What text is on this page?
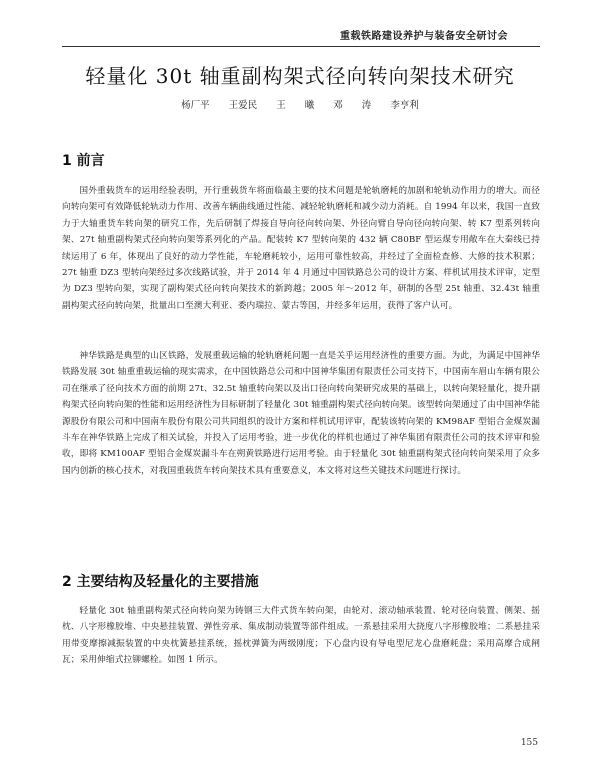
重载铁路建设养护与装备安全研讨会
轻量化 30t 轴重副构架式径向转向架技术研究
杨厂平 王爱民 王 曦 邓 涛 李亨利
1 前言

国外重载货车的运用经验表明，开行重载货车将面临最主要的技术问题是轮轨磨耗的加剧和轮轨动作用力的增大。而径向转向架可有效降低轮轨动力作用、改善车辆曲线通过性能、减轻轮轨磨耗和减少动力消耗。自 1994 年以来，我国一直致力于大轴重货车转向架的研究工作，先后研制了焊接自导向径向转向架、外径向臂自导向径向转向架、转 K7 型系列转向架、27t 轴重副构架式径向转向架等系列化的产品。配装转 K7 型转向架的 432 辆 C80BF 型运煤专用敞车在大秦线已持续运用了 6 年，体现出了良好的动力学性能，车轮磨耗较小，运用可靠性较高，并经过了全面检查修、大修的技术积累； 27t 轴重 DZ3 型转向架经过多次线路试验，并于 2014 年 4 月通过中国铁路总公司的设计方案、样机试用技术评审，定型为 DZ3 型转向架，实现了副构架式径向转向架技术的新跨越；2005 年～2012 年，研制的各型 25t 轴重、32.43t 轴重副构架式径向转向架，批量出口至澳大利亚、委内瑞拉、蒙古等国，并经多年运用，获得了客户认可。

神华铁路是典型的山区铁路，发展重载运输的轮轨磨耗问题一直是关乎运用经济性的重要方面。为此，为满足中国神华铁路发展 30t 轴重重载运输的现实需求，在中国铁路总公司和中国神华集团有限责任公司支持下，中国南车眉山车辆有限公司在继承了径向技术方面的前期 27t、32.5t 轴重转向架以及出口径向转向架研究成果的基础上，以转向架轻量化，提升副构架式径向转向架的性能和运用经济性为目标研制了轻量化 30t 轴重副构架式径向转向架。该型转向架通过了由中国神华能源股份有限公司和中国南车股份有限公司共同组织的设计方案和样机试用评审，配装该转向架的 KM98AF 型铝合金煤炭漏斗车在神华铁路上完成了相关试验，并投入了运用考验，进一步优化的样机也通过了神华集团有限责任公司的技术评审和验收，即将 KM100AF 型铝合金煤炭漏斗车在朔黄铁路进行运用考验。由于轻量化 30t 轴重副构架式径向转向架采用了众多国内创新的核心技术，对我国重载货车转向架技术具有重要意义，本文将对这些关键技术问题进行探讨。

2 主要结构及轻量化的主要措施

轻量化 30t 轴重副构架式径向转向架为铸钢三大件式货车转向架，由轮对、滚动轴承装置、轮对径向装置、侧架、摇枕、八字形橡胶堆、中央悬挂装置、弹性旁承、集成制动装置等部件组成。一系悬挂采用大挠度八字形橡胶堆；二系悬挂采用带变摩擦减振装置的中央枕簧悬挂系统，摇枕弹簧为两级刚度；下心盘内设有导电型尼龙心盘磨耗盘；采用高摩合成闸瓦；采用伸缩式拉铆螺栓。如图 1 所示。

155
